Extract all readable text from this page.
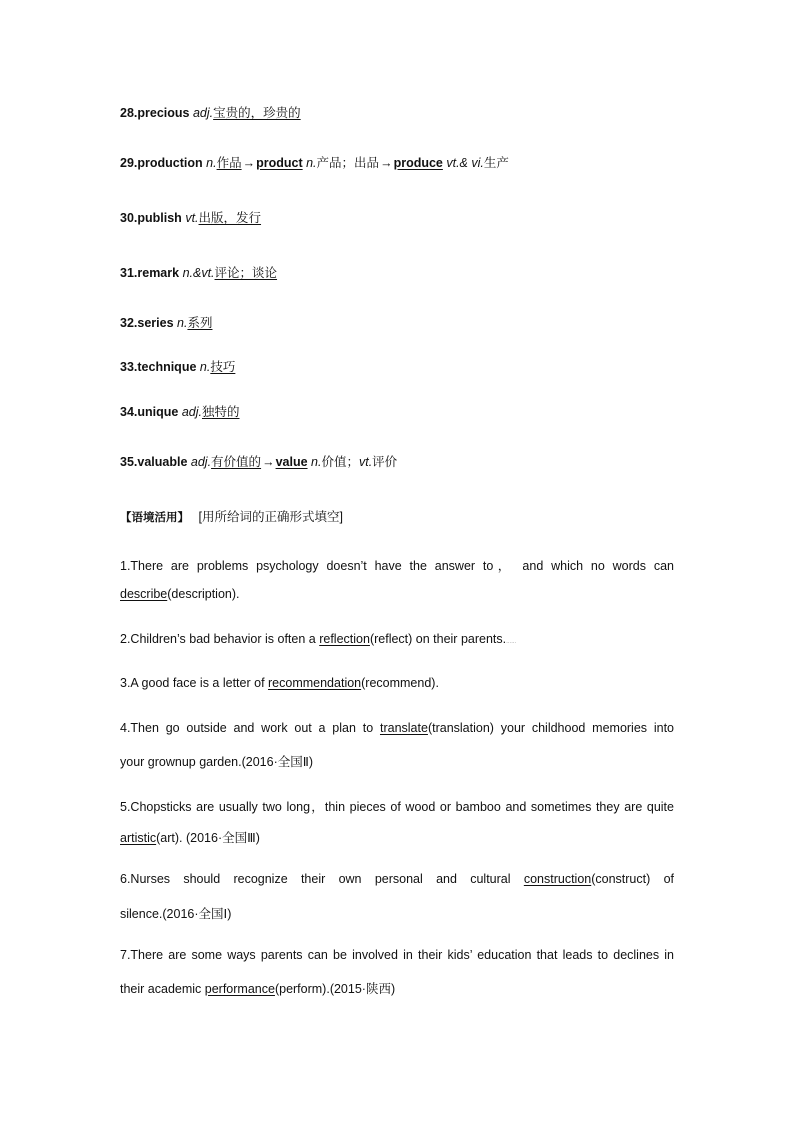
28.precious adj.宝贵的，珍贵的
29.production n.作品→product n.产品；出品→produce vt.& vi.生产
30.publish vt.出版，发行
31.remark n.&vt.评论；谈论
32.series n.系列
33.technique n.技巧
34.unique adj.独特的
35.valuable adj.有价值的→value n.价值；vt.评价
【语境活用】 [用所给词的正确形式填空]
1.There are problems psychology doesn’t have the answer to， and which no words can
describe(description).
2.Children’s bad behavior is often a reflection(reflect) on their parents.……
3.A good face is a letter of recommendation(recommend).
4.Then go outside and work out a plan to translate(translation) your childhood memories into
your grownup garden.(2016·全国Ⅱ)
5.Chopsticks are usually two long，thin pieces of wood or bamboo and sometimes they are quite
artistic(art). (2016·全国Ⅲ)
6.Nurses should recognize their own personal and cultural construction(construct) of
silence.(2016·全国Ⅰ)
7.There are some ways parents can be involved in their kids’ education that leads to declines in
their academic performance(perform).(2015·陕西)
